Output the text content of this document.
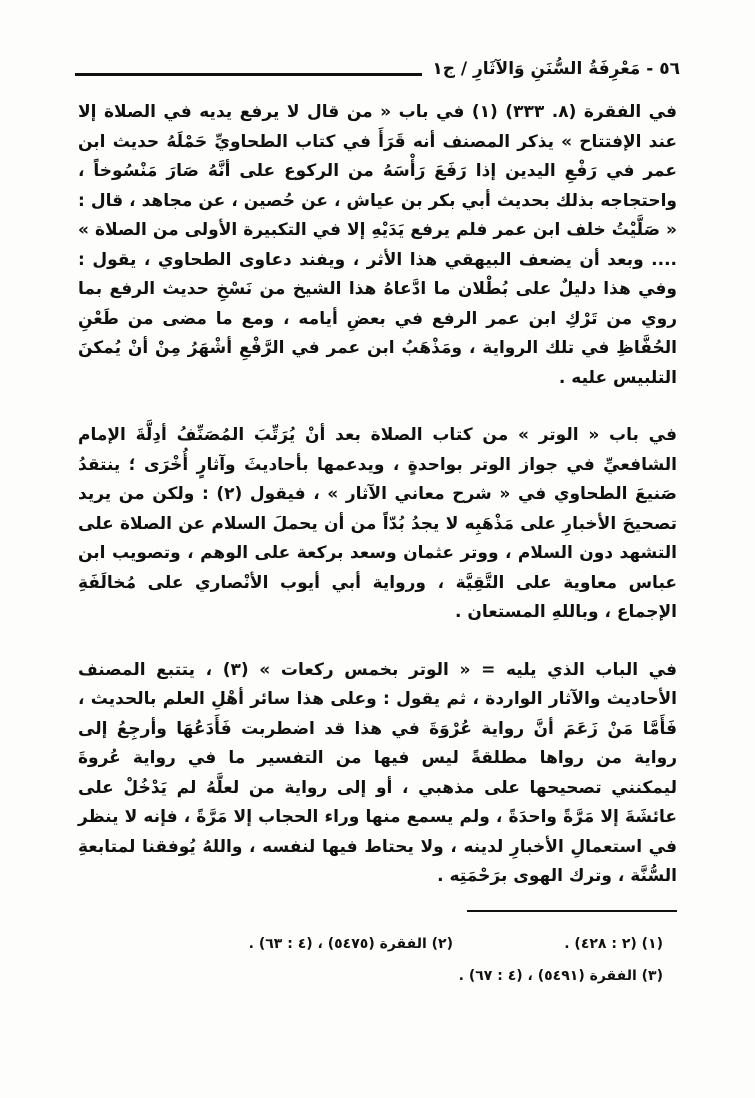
٥٦ - مَعْرِفَةُ السُّنَنِ وَالآثَارِ / ج١

في الفقرة (٨. ٣٣٣) (١) في باب « من قال لا يرفع يديه في الصلاة إلا عند الإفتتاح » يذكر المصنف أنه قَرَأَ في كتاب الطحاويِّ حَمْلَهُ حديث ابن عمر في رَفْعِ اليدين إذا رَفَعَ رَأْسَهُ من الركوع على أنَّهُ صَارَ مَنْسُوخاً ، واحتجاجه بذلك بحديث أبي بكر بن عياش ، عن حُصين ، عن مجاهد ، قال : « صَلَّيْتُ خلف ابن عمر فلم يرفع يَدَيْهِ إلا في التكبيرة الأولى من الصلاة » .... وبعد أن يضعف البيهقي هذا الأثر ، ويفند دعاوى الطحاوي ، يقول : وفي هذا دليلٌ على بُطْلان ما ادَّعاهُ هذا الشيخ من نَسْخِ حديث الرفع بما روي من تَرْكِ ابن عمر الرفع في بعضِ أيامه ، ومع ما مضى من طَعْنِ الحُفَّاظِ في تلك الرواية ، ومَذْهَبُ ابن عمر في الرَّفْعِ أشْهَرُ مِنْ أنْ يُمكنَ التلبيس عليه .

في باب « الوتر » من كتاب الصلاة بعد أنْ يُرَتِّبَ المُصَنِّفُ أدِلَّةَ الإمام الشافعيِّ في جواز الوتر بواحدةٍ ، ويدعمها بأحاديثَ وآثارٍ أُخْرَى ؛ ينتقدُ صَنيعَ الطحاوي في « شرح معاني الآثار » ، فيقول (٢) : ولكن من يريد تصحيحَ الأخبارِ على مَذْهَبِه لا يجدُ بُدّاً من أن يحملَ السلام عن الصلاة على التشهد دون السلام ، ووتر عثمان وسعد بركعة على الوهم ، وتصويب ابن عباس معاوية على التَّقِيَّة ، ورواية أبي أيوب الأنْصاري على مُخالَفَةِ الإجماع ، وباللهِ المستعان .

في الباب الذي يليه = « الوتر بخمس ركعات » (٣) ، يتتبع المصنف الأحاديث والآثار الواردة ، ثم يقول : وعلى هذا سائر أهْلِ العلم بالحديث ، فَأَمَّا مَنْ زَعَمَ أنَّ رواية عُرْوَةَ في هذا قد اضطربت فَأَدَعُهَا وأرجِعُ إلى رواية من رواها مطلقةً ليس فيها من التفسير ما في رواية عُروةَ ليمكنني تصحيحها على مذهبي ، أو إلى رواية من لعلَّهُ لم يَدْخُلْ على عائشَةَ إلا مَرَّةً واحدَةً ، ولم يسمع منها وراء الحجاب إلا مَرَّةً ، فإنه لا ينظر في استعمالِ الأخبارِ لدينه ، ولا يحتاط فيها لنفسه ، واللهُ يُوفقنا لمتابعةِ السُّنَّة ، وترك الهوى برَحْمَتِه .

(١) (٢ : ٤٢٨) .
(٢) الفقرة (٥٤٧٥) ، (٤ : ٦٣) .
(٣) الفقرة (٥٤٩١) ، (٤ : ٦٧) .
